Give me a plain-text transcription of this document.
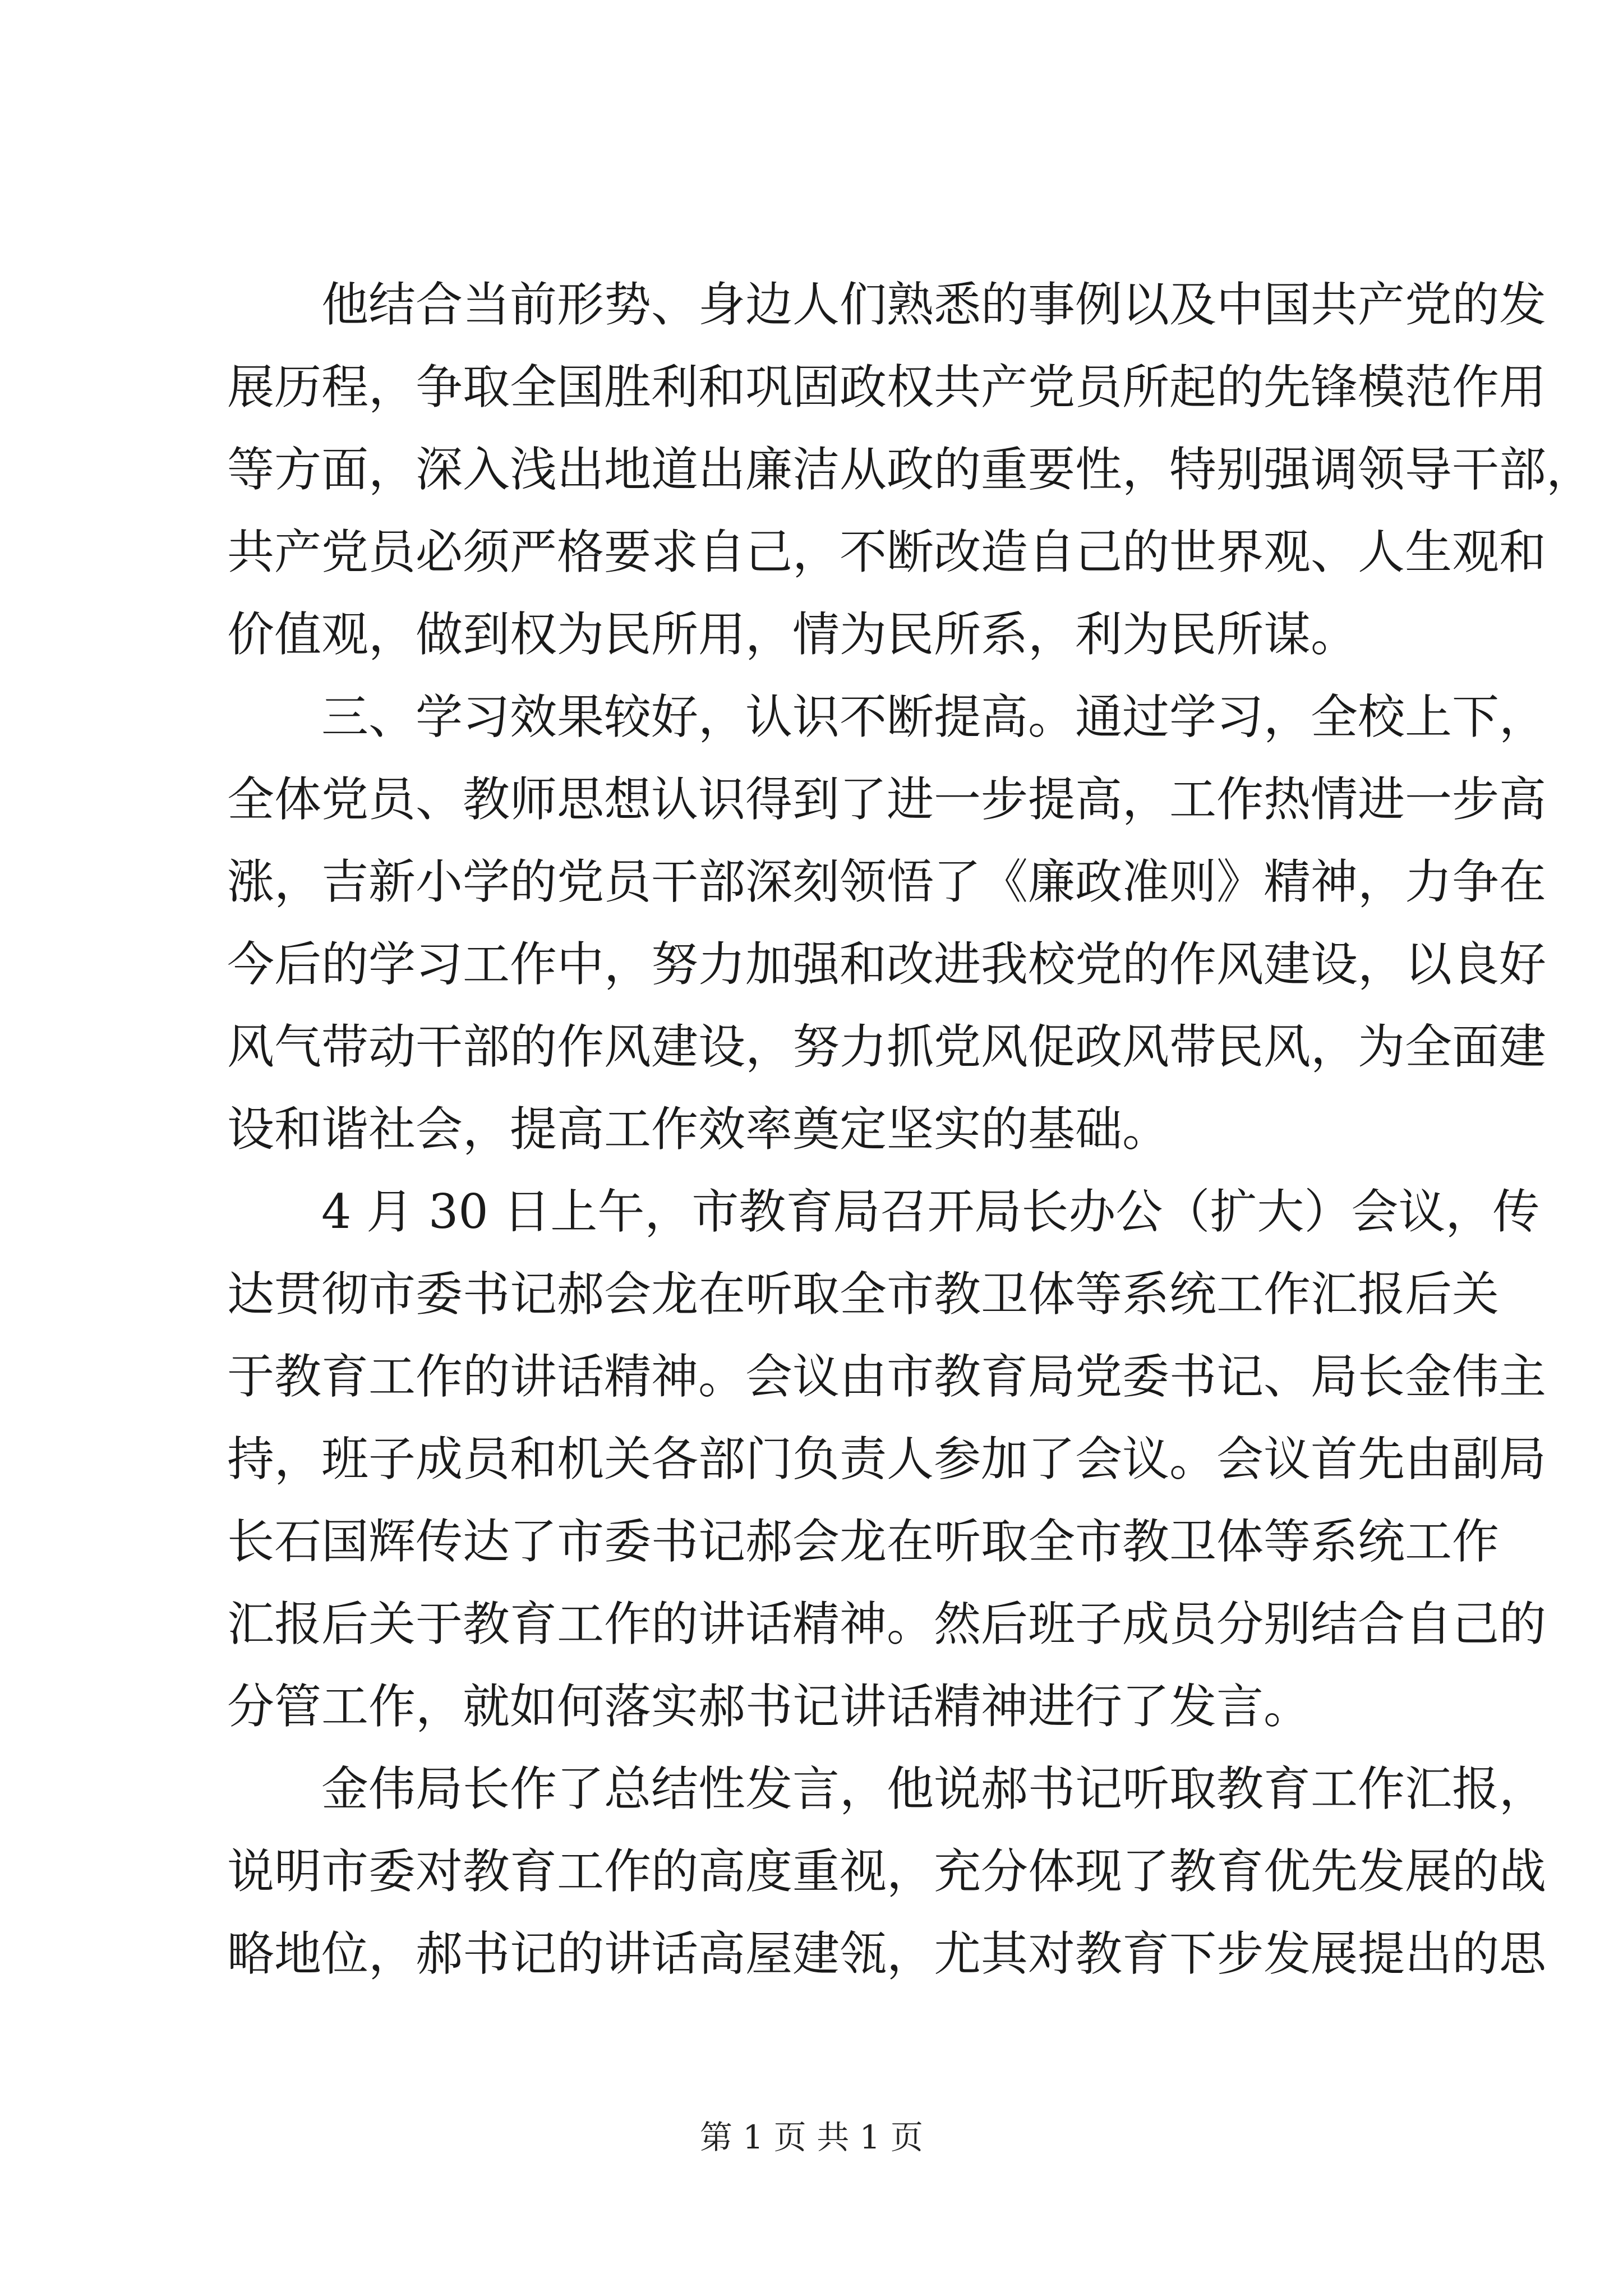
他结合当前形势、身边人们熟悉的事例以及中国共产党的发
展历程，争取全国胜利和巩固政权共产党员所起的先锋模范作用
等方面，深入浅出地道出廉洁从政的重要性，特别强调领导干部，
共产党员必须严格要求自己，不断改造自己的世界观、人生观和
价值观，做到权为民所用，情为民所系，利为民所谋。
三、学习效果较好，认识不断提高。通过学习，全校上下，
全体党员、教师思想认识得到了进一步提高，工作热情进一步高
涨，吉新小学的党员干部深刻领悟了《廉政准则》精神，力争在
今后的学习工作中，努力加强和改进我校党的作风建设，以良好
风气带动干部的作风建设，努力抓党风促政风带民风，为全面建
设和谐社会，提高工作效率奠定坚实的基础。
4 月 30 日上午，市教育局召开局长办公（扩大）会议，传
达贯彻市委书记郝会龙在听取全市教卫体等系统工作汇报后关
于教育工作的讲话精神。会议由市教育局党委书记、局长金伟主
持，班子成员和机关各部门负责人参加了会议。会议首先由副局
长石国辉传达了市委书记郝会龙在听取全市教卫体等系统工作
汇报后关于教育工作的讲话精神。然后班子成员分别结合自己的
分管工作，就如何落实郝书记讲话精神进行了发言。
金伟局长作了总结性发言，他说郝书记听取教育工作汇报，
说明市委对教育工作的高度重视，充分体现了教育优先发展的战
略地位，郝书记的讲话高屋建瓴，尤其对教育下步发展提出的思
第 1 页 共 1 页
